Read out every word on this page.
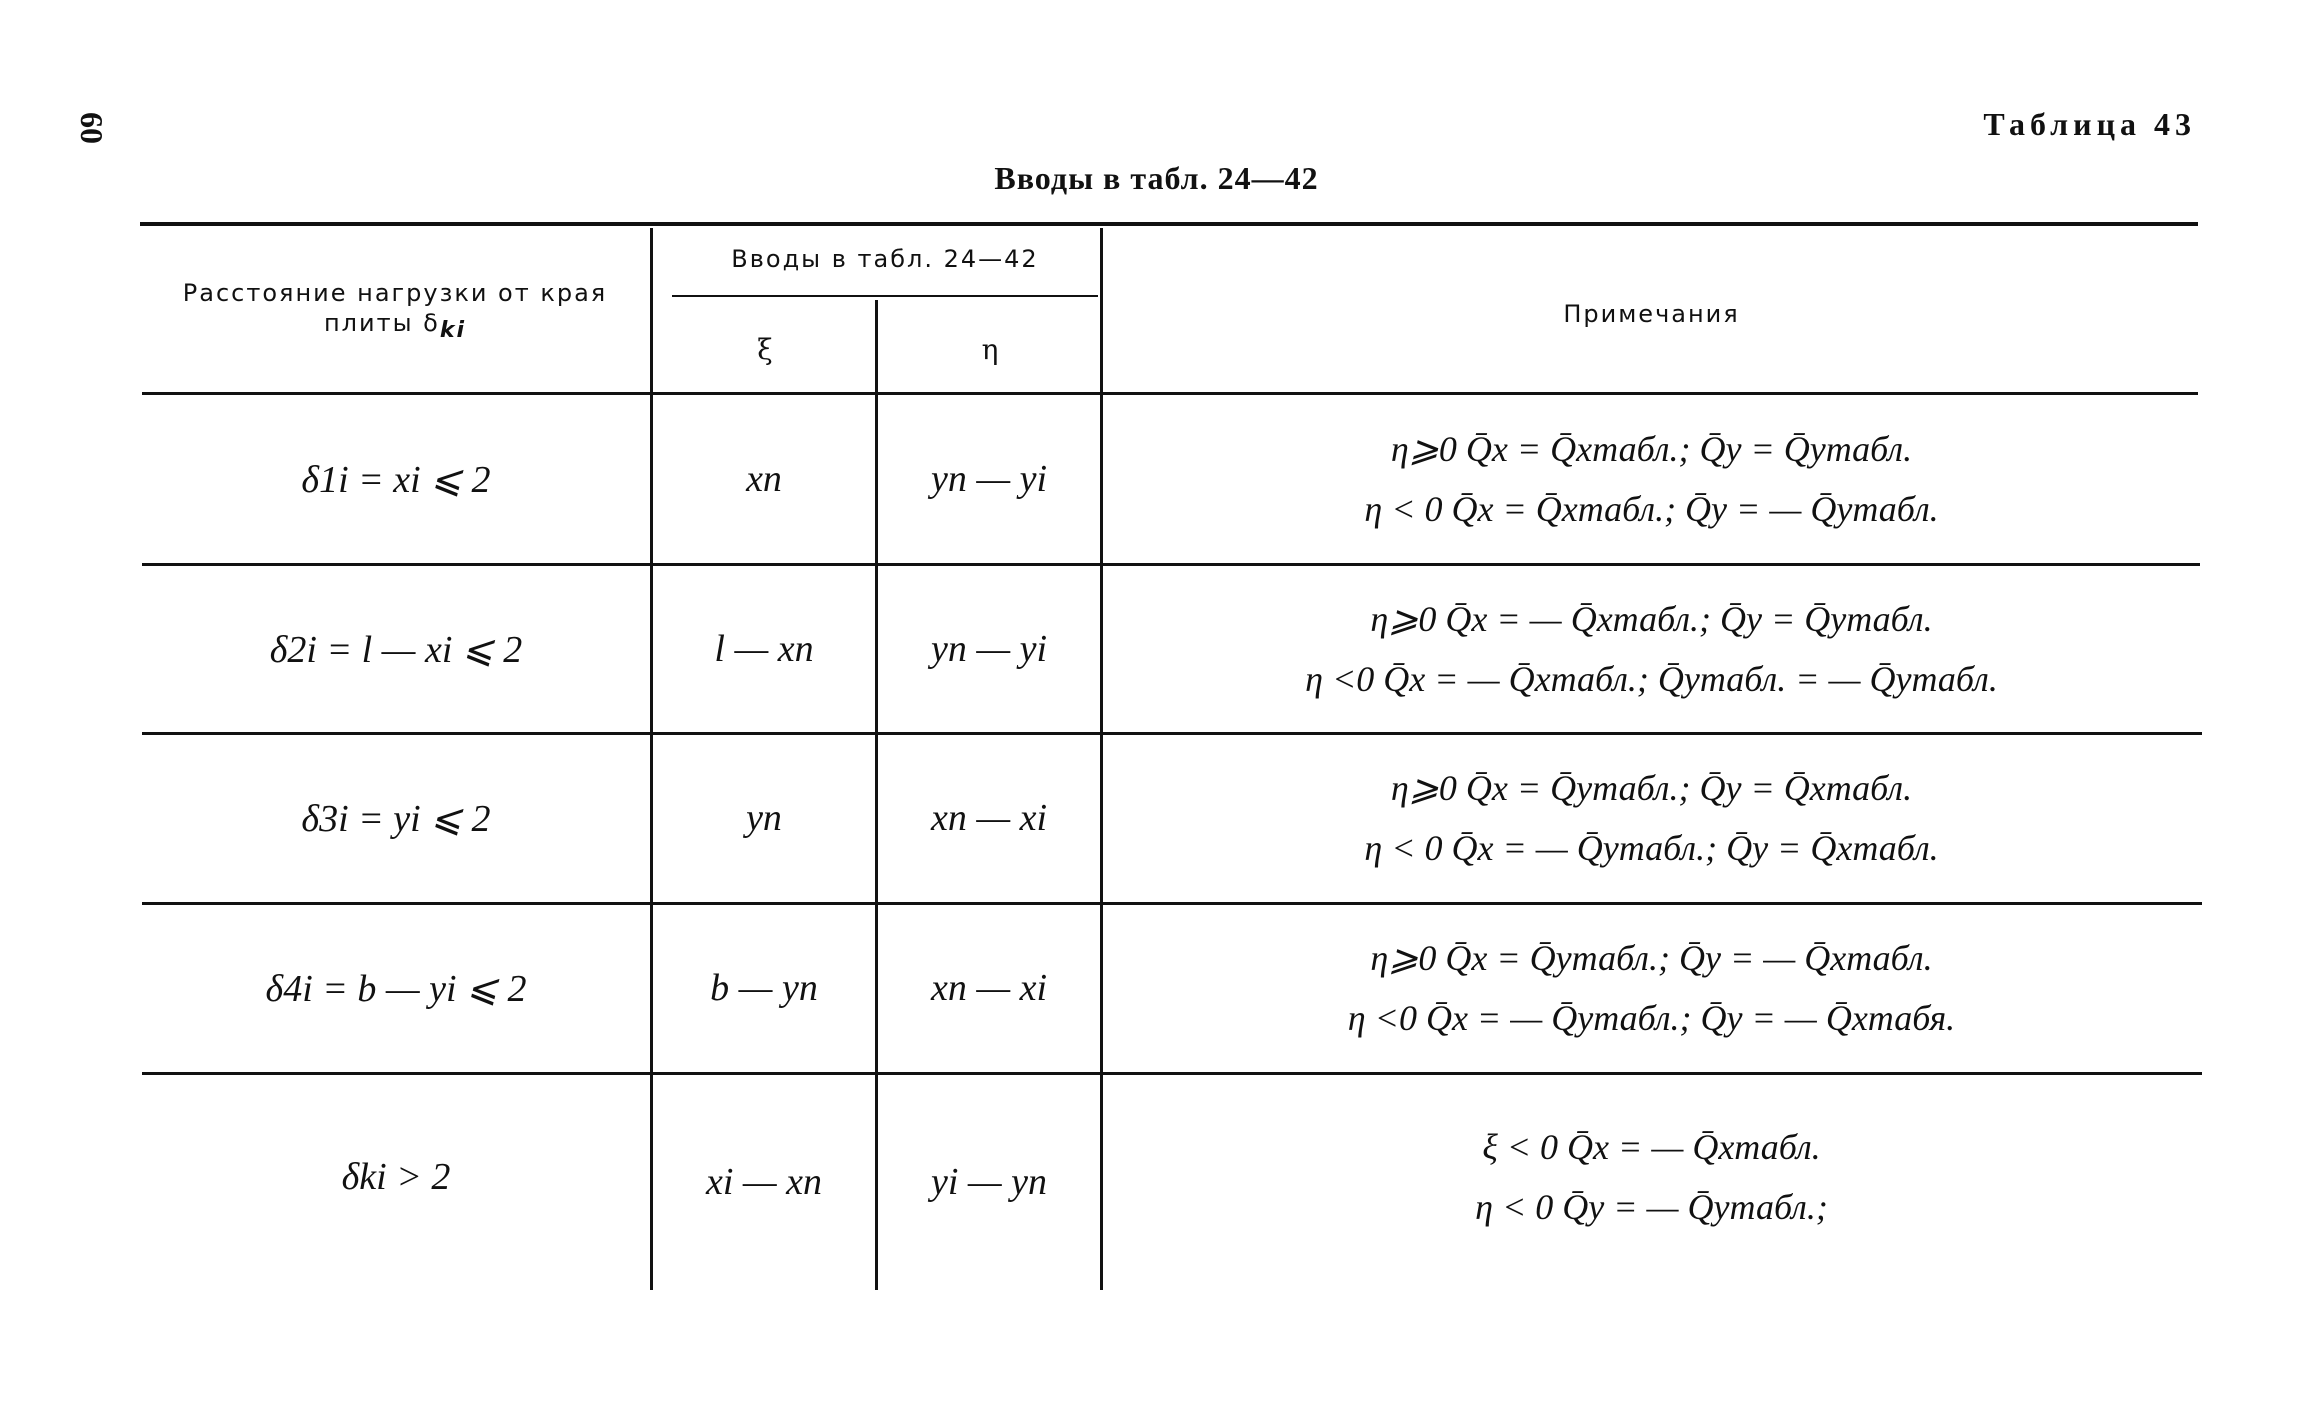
60	Таблица 43
Вводы в табл. 24—42
Расстояние нагрузки от края плиты $\delta_{ki}$
Вводы в табл. 24—42
ξ	η
Примечания
δ1i = xi ⩽ 2	xn	yn — yi
η⩾0 Q̄x = Q̄xтабл.; Q̄y = Q̄yтабл.
η < 0 Q̄x = Q̄xтабл.; Q̄y = — Q̄yтабл.
δ2i = l — xi ⩽ 2	l — xn	yn — yi
η⩾0 Q̄x = — Q̄xтабл.; Q̄y = Q̄yтабл.
η <0 Q̄x = — Q̄xтабл.; Q̄yтабл. = — Q̄yтабл.
δ3i = yi ⩽ 2	yn	xn — xi
η⩾0 Q̄x = Q̄yтабл.; Q̄y = Q̄xтабл.
η < 0 Q̄x = — Q̄yтабл.; Q̄y = Q̄xтабл.
δ4i = b — yi ⩽ 2	b — yn	xn — xi
η⩾0 Q̄x = Q̄yтабл.; Q̄y = — Q̄xтабл.
η <0 Q̄x = — Q̄yтабл.; Q̄y = — Q̄xтабя.
δki > 2	xi — xn	yi — yn
ξ < 0 Q̄x = — Q̄xтабл.
η < 0 Q̄y = — Q̄yтабл.;
